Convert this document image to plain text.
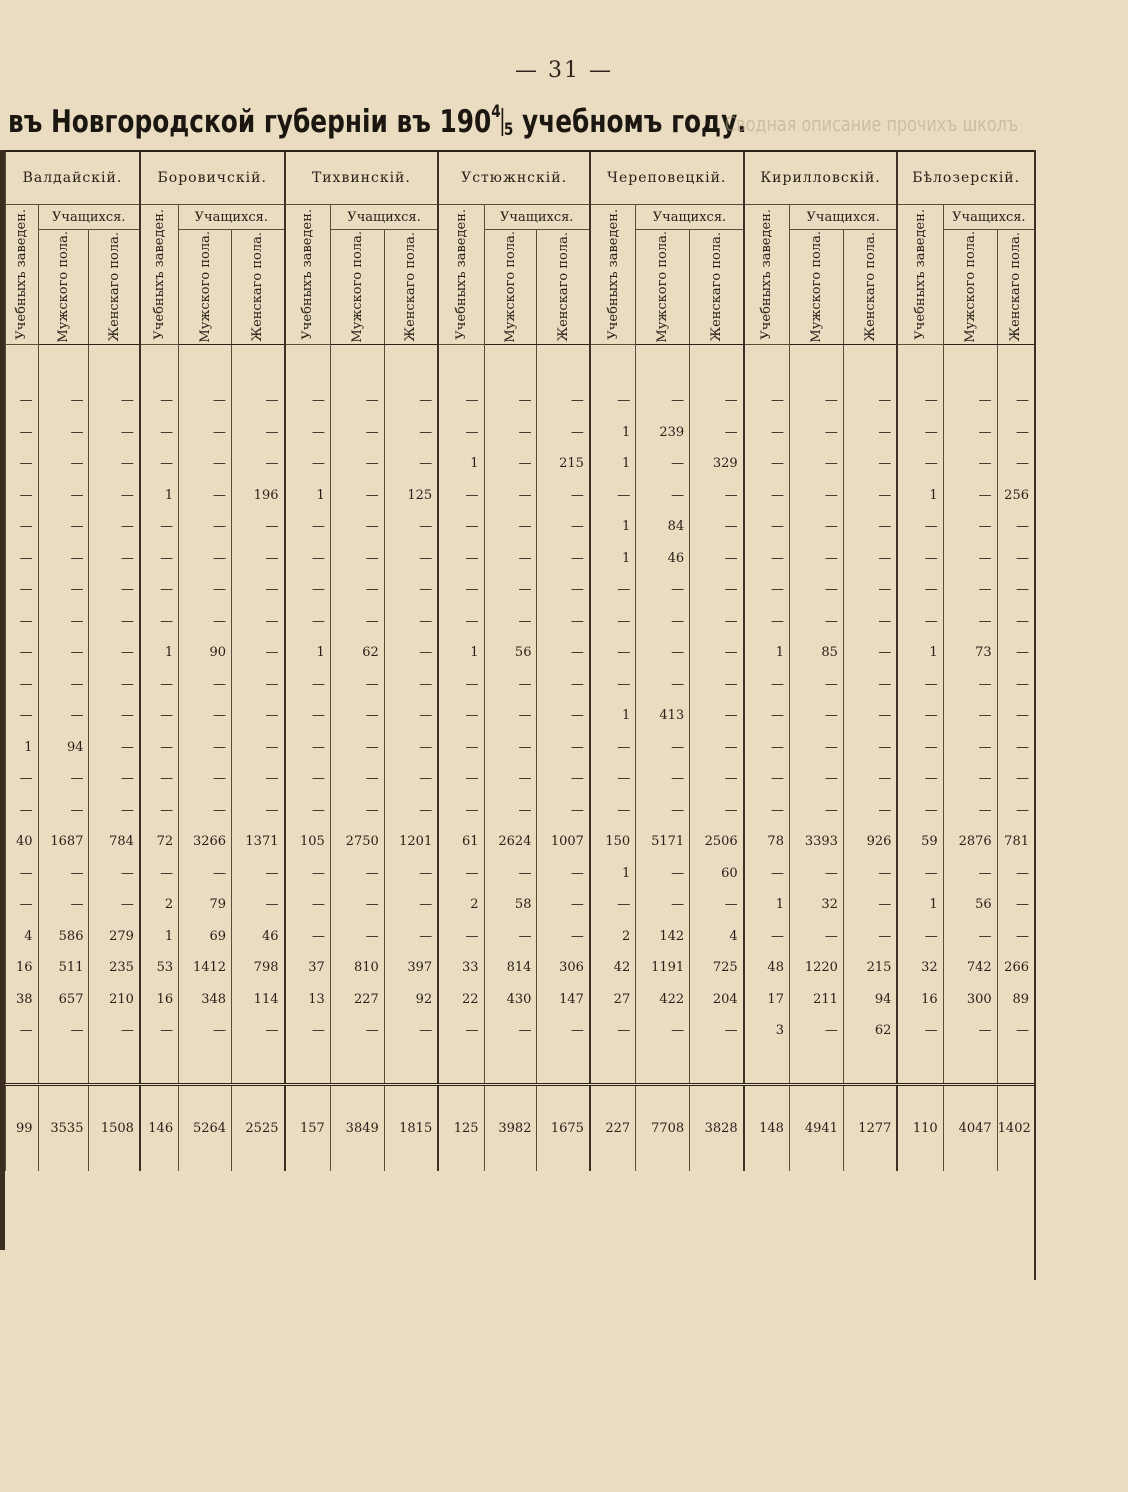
— 31 —
въ Новгородской губерніи въ $190^45$ учебномъ году.
Сводная описание прочихъ школъ
Валдайскій.			Боровичскій.			Тихвинскій.			Устюжнскій.			Череповецкій.			Кирилловскій.			Бѣлозерскій.		

Учебныхъ заведен.	Учащихся.		Учебныхъ заведен.	Учащихся.		Учебныхъ заведен.	Учащихся.		Учебныхъ заведен.	Учащихся.		Учебныхъ заведен.	Учащихся.		Учебныхъ заведен.	Учащихся.		Учебныхъ заведен.	Учащихся.	

	Мужского пола.	Женскаго пола.		Мужского пола.	Женскаго пола.		Мужского пола.	Женскаго пола.		Мужского пола.	Женскаго пола.		Мужского пола.	Женскаго пола.		Мужского пола.	Женскаго пола.		Мужского пола.	Женскаго пола.

—	—	—	—	—	—	—	—	—	—	—	—	—	—	—	—	—	—	—	—	—
—	—	—	—	—	—	—	—	—	—	—	—	1	239	—	—	—	—	—	—	—
—	—	—	—	—	—	—	—	—	1	—	215	1	—	329	—	—	—	—	—	—
—	—	—	1	—	196	1	—	125	—	—	—	—	—	—	—	—	—	1	—	256
—	—	—	—	—	—	—	—	—	—	—	—	1	84	—	—	—	—	—	—	—
—	—	—	—	—	—	—	—	—	—	—	—	1	46	—	—	—	—	—	—	—
—	—	—	—	—	—	—	—	—	—	—	—	—	—	—	—	—	—	—	—	—
—	—	—	—	—	—	—	—	—	—	—	—	—	—	—	—	—	—	—	—	—
—	—	—	1	90	—	1	62	—	1	56	—	—	—	—	1	85	—	1	73	—
—	—	—	—	—	—	—	—	—	—	—	—	—	—	—	—	—	—	—	—	—
—	—	—	—	—	—	—	—	—	—	—	—	1	413	—	—	—	—	—	—	—
1	94	—	—	—	—	—	—	—	—	—	—	—	—	—	—	—	—	—	—	—
—	—	—	—	—	—	—	—	—	—	—	—	—	—	—	—	—	—	—	—	—
—	—	—	—	—	—	—	—	—	—	—	—	—	—	—	—	—	—	—	—	—
40	1687	784	72	3266	1371	105	2750	1201	61	2624	1007	150	5171	2506	78	3393	926	59	2876	781
—	—	—	—	—	—	—	—	—	—	—	—	1	—	60	—	—	—	—	—	—
—	—	—	2	79	—	—	—	—	2	58	—	—	—	—	1	32	—	1	56	—
4	586	279	1	69	46	—	—	—	—	—	—	2	142	4	—	—	—	—	—	—
16	511	235	53	1412	798	37	810	397	33	814	306	42	1191	725	48	1220	215	32	742	266
38	657	210	16	348	114	13	227	92	22	430	147	27	422	204	17	211	94	16	300	89
—	—	—	—	—	—	—	—	—	—	—	—	—	—	—	3	—	62	—	—	—

99	3535	1508	146	5264	2525	157	3849	1815	125	3982	1675	227	7708	3828	148	4941	1277	110	4047	1402
